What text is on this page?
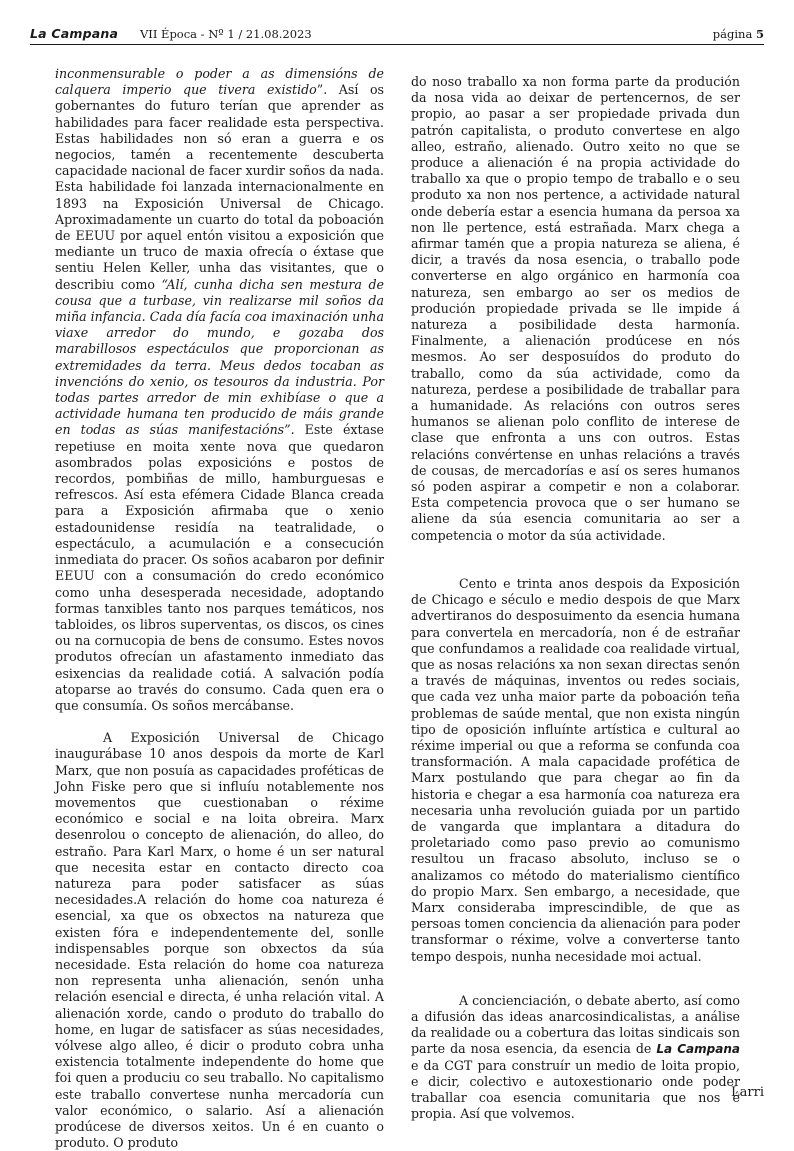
La Campana VII Época - Nº 1 / 21.08.2023	página 5

inconmensurable o poder a as dimensións de calquera imperio que tivera existido”. Así os gobernantes do futuro terían que aprender as habilidades para facer realidade esta perspectiva. Estas habilidades non só eran a guerra e os negocios, tamén a recentemente descuberta capacidade nacional de facer xurdir soños da nada. Esta habilidade foi lanzada internacionalmente en 1893 na Exposición Universal de Chicago. Aproximadamente un cuarto do total da poboación de EEUU por aquel entón visitou a exposición que mediante un truco de maxia ofrecía o éxtase que sentiu Helen Keller, unha das visitantes, que o describiu como “Alí, cunha dicha sen mestura de cousa que a turbase, vin realizarse mil soños da miña infancia. Cada día facía coa imaxinación unha viaxe arredor do mundo, e gozaba dos marabillosos espectáculos que proporcionan as extremidades da terra. Meus dedos tocaban as invencións do xenio, os tesouros da industria. Por todas partes arredor de min exhibíase o que a actividade humana ten producido de máis grande en todas as súas manifestacións”. Este éxtase repetiuse en moita xente nova que quedaron asombrados polas exposicións e postos de recordos, pombiñas de millo, hamburguesas e refrescos. Así esta efémera Cidade Blanca creada para a Exposición afirmaba que o xenio estadounidense residía na teatralidade, o espectáculo, a acumulación e a consecución inmediata do pracer. Os soños acabaron por definir EEUU con a consumación do credo económico como unha desesperada necesidade, adoptando formas tanxibles tanto nos parques temáticos, nos tabloides, os libros superventas, os discos, os cines ou na cornucopia de bens de consumo. Estes novos produtos ofrecían un afastamento inmediato das esixencias da realidade cotiá. A salvación podía atoparse ao través do consumo. Cada quen era o que consumía. Os soños mercábanse.

A Exposición Universal de Chicago inaugurábase 10 anos despois da morte de Karl Marx, que non posuía as capacidades proféticas de John Fiske pero que si influíu notablemente nos movementos que cuestionaban o réxime económico e social e na loita obreira. Marx desenrolou o concepto de alienación, do alleo, do estraño. Para Karl Marx, o home é un ser natural que necesita estar en contacto directo coa natureza para poder satisfacer as súas necesidades.A relación do home coa natureza é esencial, xa que os obxectos na natureza que existen fóra e independentemente del, sonlle indispensables porque son obxectos da súa necesidade. Esta relación do home coa natureza non representa unha alienación, senón unha relación esencial e directa, é unha relación vital. A alienación xorde, cando o produto do traballo do home, en lugar de satisfacer as súas necesidades, vólvese algo alleo, é dicir o produto cobra unha existencia totalmente independente do home que foi quen a produciu co seu traballo. No capitalismo este traballo convertese nunha mercadoría cun valor económico, o salario. Así a alienación prodúcese de diversos xeitos. Un é en cuanto o produto. O produto

do noso traballo xa non forma parte da produción da nosa vida ao deixar de pertencernos, de ser propio, ao pasar a ser propiedade privada dun patrón capitalista, o produto convertese en algo alleo, estraño, alienado. Outro xeito no que se produce a alienación é na propia actividade do traballo xa que o propio tempo de traballo e o seu produto xa non nos pertence, a actividade natural onde debería estar a esencia humana da persoa xa non lle pertence, está estrañada. Marx chega a afirmar tamén que a propia natureza se aliena, é dicir, a través da nosa esencia, o traballo pode converterse en algo orgánico en harmonía coa natureza, sen embargo ao ser os medios de produción propiedade privada se lle impide á natureza a posibilidade desta harmonía. Finalmente, a alienación prodúcese en nós mesmos. Ao ser desposuídos do produto do traballo, como da súa actividade, como da natureza, perdese a posibilidade de traballar para a humanidade. As relacións con outros seres humanos se alienan polo conflito de interese de clase que enfronta a uns con outros. Estas relacións convértense en unhas relacións a través de cousas, de mercadorías e así os seres humanos só poden aspirar a competir e non a colaborar. Esta competencia provoca que o ser humano se aliene da súa esencia comunitaria ao ser a competencia o motor da súa actividade.

Cento e trinta anos despois da Exposición de Chicago e século e medio despois de que Marx advertiranos do desposuimento da esencia humana para convertela en mercadoría, non é de estrañar que confundamos a realidade coa realidade virtual, que as nosas relacións xa non sexan directas senón a través de máquinas, inventos ou redes sociais, que cada vez unha maior parte da poboación teña problemas de saúde mental, que non exista ningún tipo de oposición influínte artística e cultural ao réxime imperial ou que a reforma se confunda coa transformación. A mala capacidade profética de Marx postulando que para chegar ao fin da historia e chegar a esa harmonía coa natureza era necesaria unha revolución guiada por un partido de vangarda que implantara a ditadura do proletariado como paso previo ao comunismo resultou un fracaso absoluto, incluso se o analizamos co método do materialismo científico do propio Marx. Sen embargo, a necesidade, que Marx consideraba imprescindible, de que as persoas tomen conciencia da alienación para poder transformar o réxime, volve a converterse tanto tempo despois, nunha necesidade moi actual.

A concienciación, o debate aberto, así como a difusión das ideas anarcosindicalistas, a análise da realidade ou a cobertura das loitas sindicais son parte da nosa esencia, da esencia de La Campana e da CGT para construír un medio de loita propio, e dicir, colectivo e autoxestionario onde poder traballar coa esencia comunitaria que nos é propia. Así que volvemos.

Larri
